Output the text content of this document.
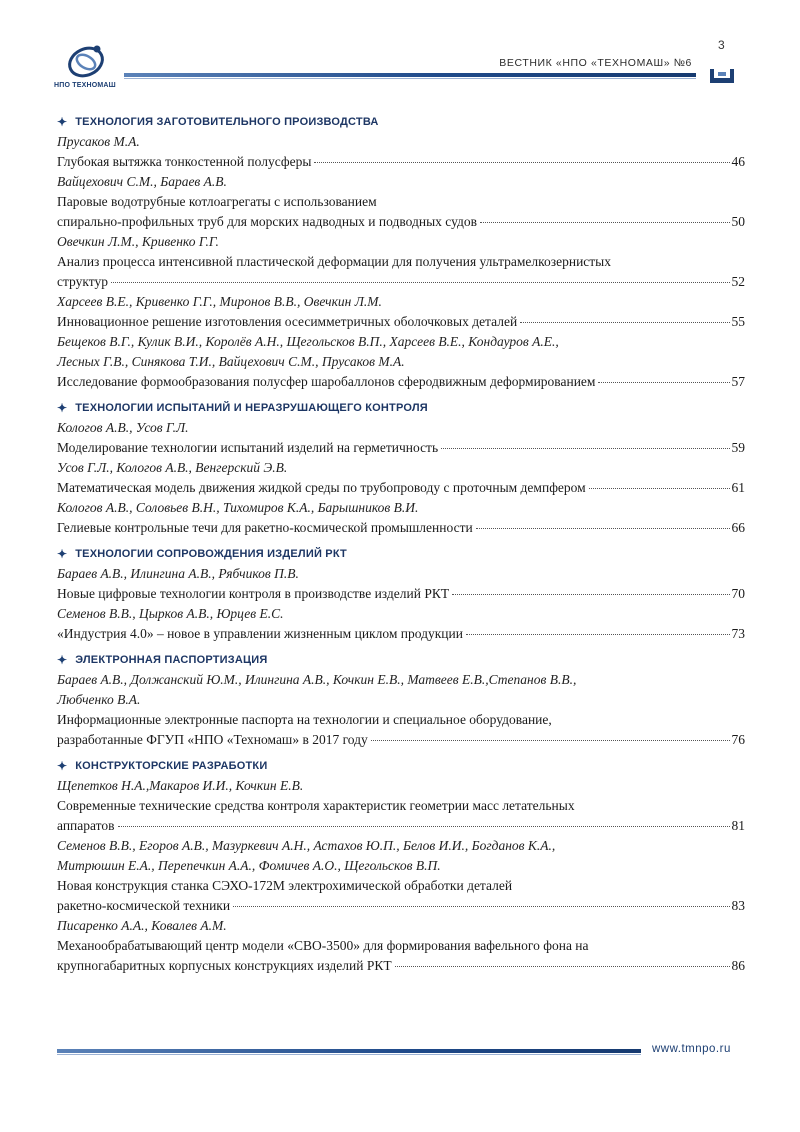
НПО ТЕХНОМАШ
3
ВЕСТНИК «НПО «ТЕХНОМАШ» №6
✦ ТЕХНОЛОГИЯ ЗАГОТОВИТЕЛЬНОГО ПРОИЗВОДСТВА
Прусаков М.А.
Глубокая вытяжка тонкостенной полусферы	46
Вайцехович С.М., Бараев А.В.
Паровые водотрубные котлоагрегаты с использованием
спирально-профильных труб для морских надводных и подводных судов	50
Овечкин Л.М., Кривенко Г.Г.
Анализ процесса интенсивной пластической деформации для получения ультрамелкозернистых
структур	52
Харсеев В.Е., Кривенко Г.Г., Миронов В.В., Овечкин Л.М.
Инновационное решение изготовления осесимметричных оболочковых деталей	55
Бещеков В.Г., Кулик В.И., Королёв А.Н., Щегольсков В.П., Харсеев В.Е., Кондауров А.Е.,
Лесных Г.В., Синякова Т.И., Вайцехович С.М., Прусаков М.А.
Исследование формообразования полусфер шаробаллонов сферодвижным деформированием	57
✦ ТЕХНОЛОГИИ ИСПЫТАНИЙ И НЕРАЗРУШАЮЩЕГО КОНТРОЛЯ
Кологов А.В., Усов Г.Л.
Моделирование технологии испытаний изделий на герметичность	59
Усов Г.Л., Кологов А.В., Венгерский Э.В.
Математическая модель движения жидкой среды по трубопроводу с проточным демпфером	61
Кологов А.В., Соловьев В.Н., Тихомиров К.А., Барышников В.И.
Гелиевые контрольные течи для ракетно-космической промышленности	66
✦ ТЕХНОЛОГИИ СОПРОВОЖДЕНИЯ ИЗДЕЛИЙ РКТ
Бараев А.В., Илингина А.В., Рябчиков П.В.
Новые цифровые технологии контроля в производстве изделий РКТ	70
Семенов В.В., Цырков А.В., Юрцев Е.С.
«Индустрия 4.0» – новое в управлении жизненным циклом продукции	73
✦ ЭЛЕКТРОННАЯ ПАСПОРТИЗАЦИЯ
Бараев А.В., Должанский Ю.М., Илингина А.В., Кочкин Е.В., Матвеев Е.В.,Степанов В.В.,
Любченко В.А.
Информационные электронные паспорта на технологии и специальное оборудование,
разработанные ФГУП «НПО «Техномаш» в 2017 году	76
✦ КОНСТРУКТОРСКИЕ РАЗРАБОТКИ
Щепетков Н.А.,Макаров И.И., Кочкин Е.В.
Современные технические средства контроля характеристик геометрии масс летательных
аппаратов	81
Семенов В.В., Егоров А.В., Мазуркевич А.Н., Астахов Ю.П., Белов И.И., Богданов К.А.,
Митрюшин Е.А., Перепечкин А.А., Фомичев А.О., Щегольсков В.П.
Новая конструкция станка СЭХО-172М электрохимической обработки деталей
ракетно-космической техники	83
Писаренко А.А., Ковалев А.М.
Механообрабатывающий центр модели «СВО-3500» для формирования вафельного фона на
крупногабаритных корпусных конструкциях изделий РКТ	86
www.tmnpo.ru
